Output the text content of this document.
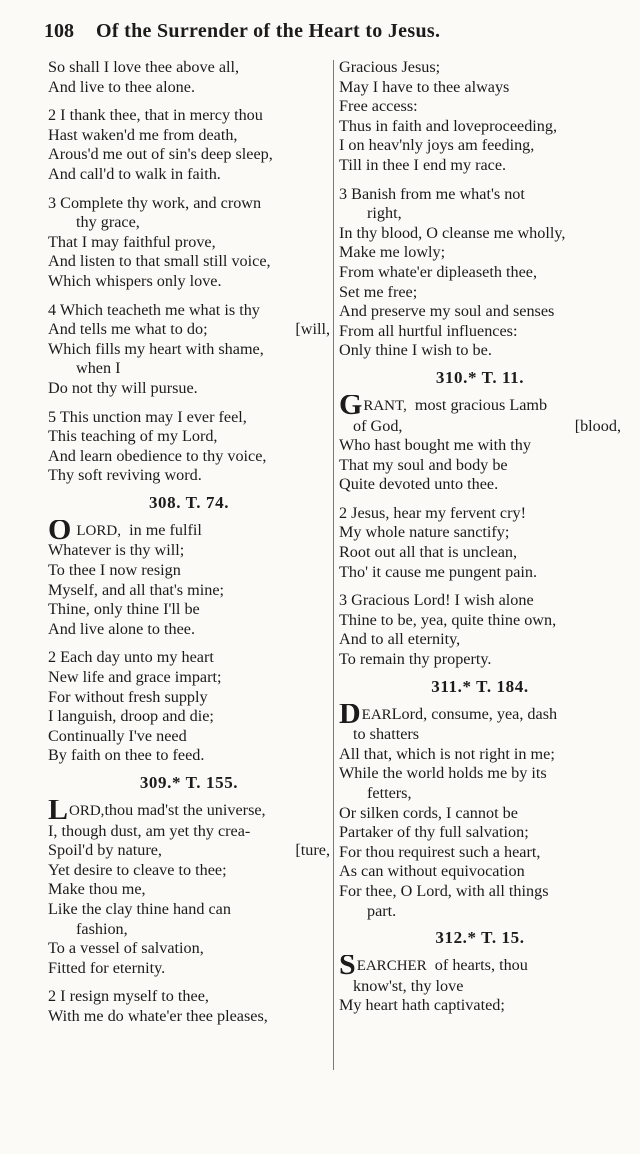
108 Of the Surrender of the Heart to Jesus.
So shall I love thee above all,
And live to thee alone.
2 I thank thee, that in mercy thou
Hast waken'd me from death,
Arous'd me out of sin's deep sleep,
And call'd to walk in faith.
3 Complete thy work, and crown
thy grace,
That I may faithful prove,
And listen to that small still voice,
Which whispers only love.
4 Which teacheth me what is thy
And tells me what to do;	[will,
Which fills my heart with shame,
when I
Do not thy will pursue.
5 This unction may I ever feel,
This teaching of my Lord,
And learn obedience to thy voice,
Thy soft reviving word.
308. T. 74.
O LORD, in me fulfil
Whatever is thy will;
To thee I now resign
Myself, and all that's mine;
Thine, only thine I'll be
And live alone to thee.
2 Each day unto my heart
New life and grace impart;
For without fresh supply
I languish, droop and die;
Continually I've need
By faith on thee to feed.
309.* T. 155.
LORD,thou mad'st the universe,
I, though dust, am yet thy crea-
Spoil'd by nature,	[ture,
Yet desire to cleave to thee;
Make thou me,
Like the clay thine hand can
fashion,
To a vessel of salvation,
Fitted for eternity.
2 I resign myself to thee,
With me do whate'er thee pleases,
Gracious Jesus;
May I have to thee always
Free access:
Thus in faith and loveproceeding,
I on heav'nly joys am feeding,
Till in thee I end my race.
3 Banish from me what's not
right,
In thy blood, O cleanse me wholly,
Make me lowly;
From whate'er dipleaseth thee,
Set me free;
And preserve my soul and senses
From all hurtful influences:
Only thine I wish to be.
310.* T. 11.
GRANT, most gracious Lamb
of God,	[blood,
Who hast bought me with thy
That my soul and body be
Quite devoted unto thee.
2 Jesus, hear my fervent cry!
My whole nature sanctify;
Root out all that is unclean,
Tho' it cause me pungent pain.
3 Gracious Lord! I wish alone
Thine to be, yea, quite thine own,
And to all eternity,
To remain thy property.
311.* T. 184.
DEARLord, consume, yea, dash
to shatters
All that, which is not right in me;
While the world holds me by its
fetters,
Or silken cords, I cannot be
Partaker of thy full salvation;
For thou requirest such a heart,
As can without equivocation
For thee, O Lord, with all things
part.
312.* T. 15.
SEARCHER of hearts, thou
know'st, thy love
My heart hath captivated;
